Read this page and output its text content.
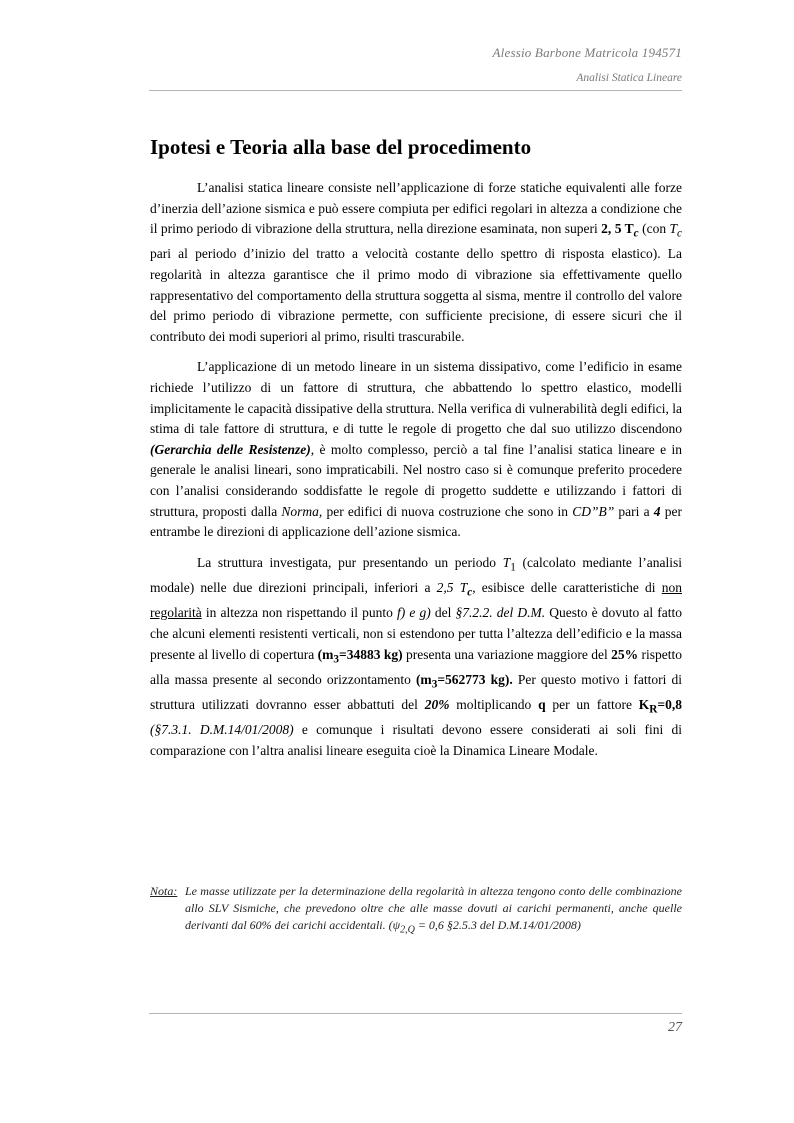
Alessio Barbone Matricola 194571
Analisi Statica Lineare
Ipotesi e Teoria alla base del procedimento

L’analisi statica lineare consiste nell’applicazione di forze statiche equivalenti alle forze d’inerzia dell’azione sismica e può essere compiuta per edifici regolari in altezza a condizione che il primo periodo di vibrazione della struttura, nella direzione esaminata, non superi 2, 5 $T_c$ (con $T_c$ pari al periodo d’inizio del tratto a velocità costante dello spettro di risposta elastico). La regolarità in altezza garantisce che il primo modo di vibrazione sia effettivamente quello rappresentativo del comportamento della struttura soggetta al sisma, mentre il controllo del valore del primo periodo di vibrazione permette, con sufficiente precisione, di essere sicuri che il contributo dei modi superiori al primo, risulti trascurabile.

L’applicazione di un metodo lineare in un sistema dissipativo, come l’edificio in esame richiede l’utilizzo di un fattore di struttura, che abbattendo lo spettro elastico, modelli implicitamente le capacità dissipative della struttura. Nella verifica di vulnerabilità degli edifici, la stima di tale fattore di struttura, e di tutte le regole di progetto che dal suo utilizzo discendono (Gerarchia delle Resistenze), è molto complesso, perciò a tal fine l’analisi statica lineare e in generale le analisi lineari, sono impraticabili. Nel nostro caso si è comunque preferito procedere con l’analisi considerando soddisfatte le regole di progetto suddette e utilizzando i fattori di struttura, proposti dalla Norma, per edifici di nuova costruzione che sono in CD”B” pari a 4 per entrambe le direzioni di applicazione dell’azione sismica.

La struttura investigata, pur presentando un periodo $T_1$ (calcolato mediante l’analisi modale) nelle due direzioni principali, inferiori a 2,5 $T_c$, esibisce delle caratteristiche di non regolarità in altezza non rispettando il punto f) e g) del §7.2.2. del D.M. Questo è dovuto al fatto che alcuni elementi resistenti verticali, non si estendono per tutta l’altezza dell’edificio e la massa presente al livello di copertura ($m_3=34883$ kg) presenta una variazione maggiore del 25% rispetto alla massa presente al secondo orizzontamento ($m_3=562773$ kg). Per questo motivo i fattori di struttura utilizzati dovranno esser abbattuti del 20% moltiplicando q per un fattore $K_R=0,8$ (§7.3.1. D.M.14/01/2008) e comunque i risultati devono essere considerati ai soli fini di comparazione con l’altra analisi lineare eseguita cioè la Dinamica Lineare Modale.

Nota: Le masse utilizzate per la determinazione della regolarità in altezza tengono conto delle combinazione allo SLV Sismiche, che prevedono oltre che alle masse dovuti ai carichi permanenti, anche quelle derivanti dal 60% dei carichi accidentali. ($\psi_{2,Q} = 0,6$ §2.5.3 del D.M.14/01/2008)
27
